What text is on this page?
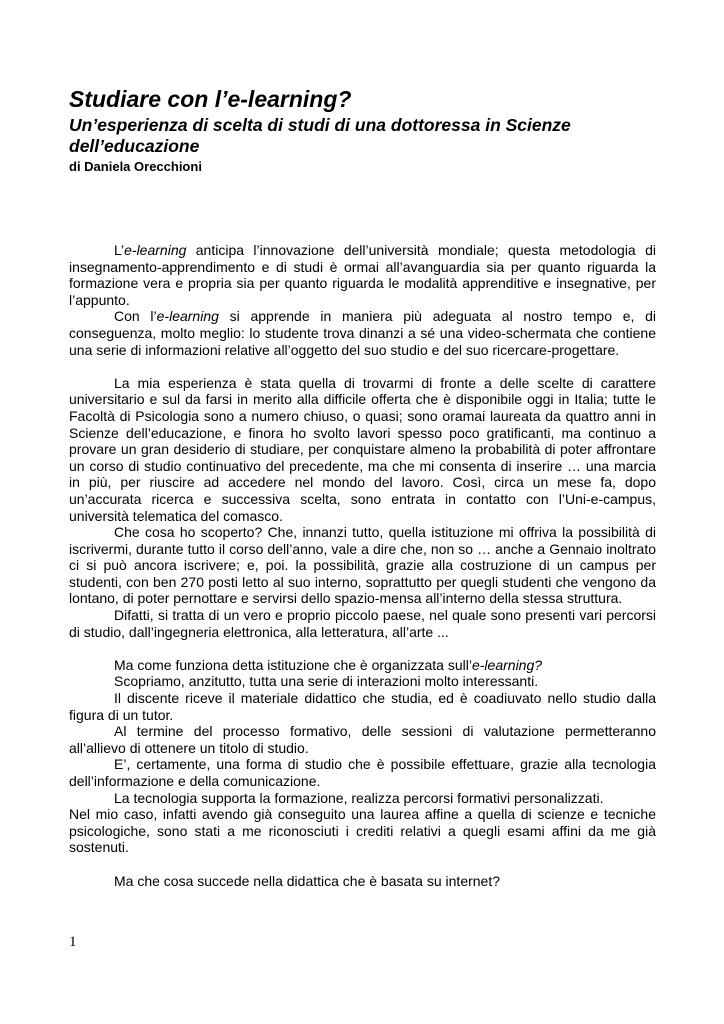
Studiare con l’e-learning?
Un’esperienza di scelta di studi di una dottoressa in Scienze dell’educazione
di Daniela Orecchioni

L’e-learning anticipa l’innovazione dell’università mondiale; questa metodologia di insegnamento-apprendimento e di studi è ormai all’avanguardia sia per quanto riguarda la formazione vera e propria sia per quanto riguarda le modalità apprenditive e insegnative, per l’appunto.

Con l’e-learning si apprende in maniera più adeguata al nostro tempo e, di conseguenza, molto meglio: lo studente trova dinanzi a sé una video-schermata che contiene una serie di informazioni relative all’oggetto del suo studio e del suo ricercare-progettare.

La mia esperienza è stata quella di trovarmi di fronte a delle scelte di carattere universitario e sul da farsi in merito alla difficile offerta che è disponibile oggi in Italia; tutte le Facoltà di Psicologia sono a numero chiuso, o quasi; sono oramai laureata da quattro anni in Scienze dell’educazione, e finora ho svolto lavori spesso poco gratificanti, ma continuo a provare un gran desiderio di studiare, per conquistare almeno la probabilità di poter affrontare un corso di studio continuativo del precedente, ma che mi consenta di inserire … una marcia in più, per riuscire ad accedere nel mondo del lavoro. Così, circa un mese fa, dopo un’accurata ricerca e successiva scelta, sono entrata in contatto con l’Uni-e-campus, università telematica del comasco.

Che cosa ho scoperto? Che, innanzi tutto, quella istituzione mi offriva la possibilità di iscrivermi, durante tutto il corso dell’anno, vale a dire che, non so … anche a Gennaio inoltrato ci si può ancora iscrivere; e, poi. la possibilità, grazie alla costruzione di un campus per studenti, con ben 270 posti letto al suo interno, soprattutto per quegli studenti che vengono da lontano, di poter pernottare e servirsi dello spazio-mensa all’interno della stessa struttura.

Difatti, si tratta di un vero e proprio piccolo paese, nel quale sono presenti vari percorsi di studio, dall’ingegneria elettronica, alla letteratura, all’arte ...

Ma come funziona detta istituzione che è organizzata sull’e-learning?

Scopriamo, anzitutto, tutta una serie di interazioni molto interessanti.

Il discente riceve il materiale didattico che studia, ed è coadiuvato nello studio dalla figura di un tutor.

Al termine del processo formativo, delle sessioni di valutazione permetteranno all’allievo di ottenere un titolo di studio.

E’, certamente, una forma di studio che è possibile effettuare, grazie alla tecnologia dell’informazione e della comunicazione.

La tecnologia supporta la formazione, realizza percorsi formativi personalizzati.

Nel mio caso, infatti avendo già conseguito una laurea affine a quella di scienze e tecniche psicologiche, sono stati a me riconosciuti i crediti relativi a quegli esami affini da me già sostenuti.

Ma che cosa succede nella didattica che è basata su internet?

1
